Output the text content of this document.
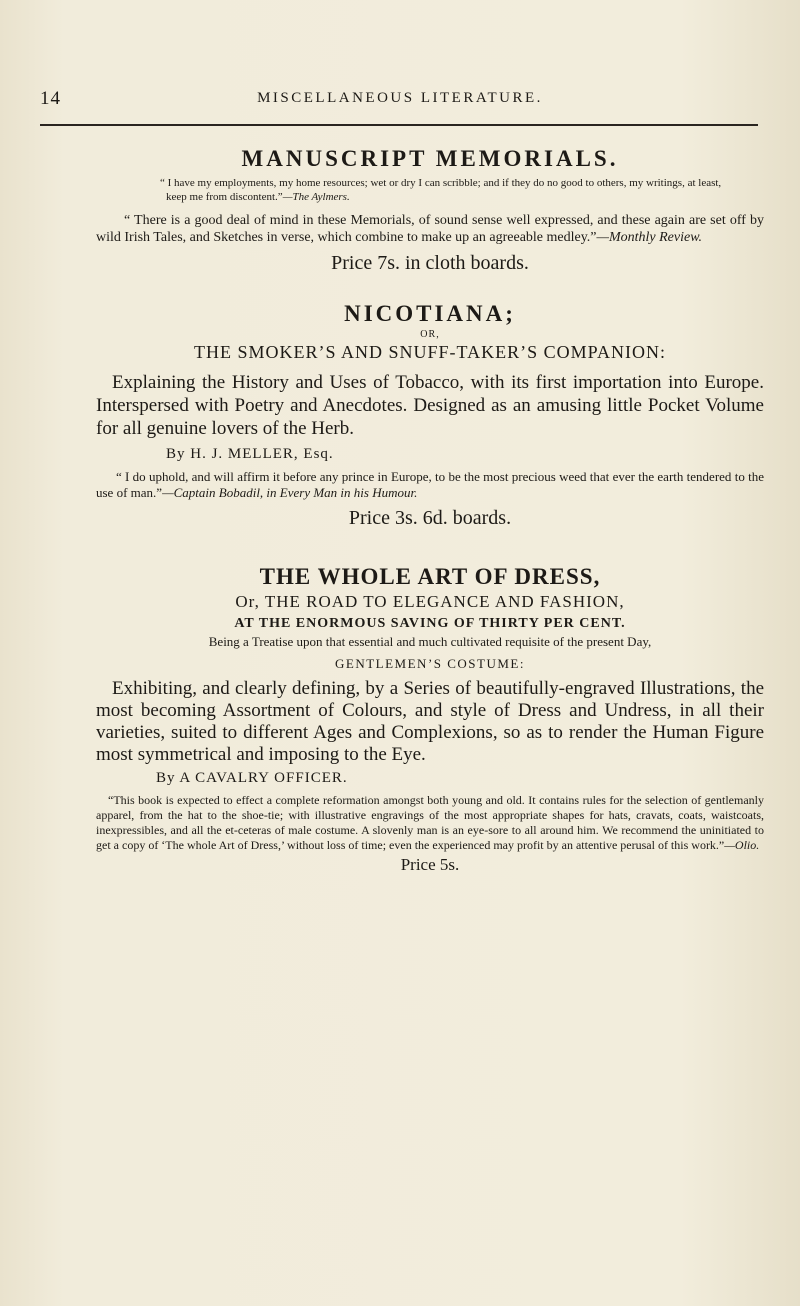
14	MISCELLANEOUS LITERATURE.
MANUSCRIPT MEMORIALS.
“ I have my employments, my home resources; wet or dry I can scribble; and if they do no good to others, my writings, at least, keep me from discontent.”—The Aylmers.
“ There is a good deal of mind in these Memorials, of sound sense well expressed, and these again are set off by wild Irish Tales, and Sketches in verse, which combine to make up an agreeable medley.”—Monthly Review.
Price 7s. in cloth boards.
NICOTIANA;
OR,
THE SMOKER’S AND SNUFF-TAKER’S COMPANION:
Explaining the History and Uses of Tobacco, with its first importation into Europe. Interspersed with Poetry and Anecdotes. Designed as an amusing little Pocket Volume for all genuine lovers of the Herb.
By H. J. MELLER, Esq.
“ I do uphold, and will affirm it before any prince in Europe, to be the most precious weed that ever the earth tendered to the use of man.”—Captain Bobadil, in Every Man in his Humour.
Price 3s. 6d. boards.
THE WHOLE ART OF DRESS,
Or, THE ROAD TO ELEGANCE AND FASHION,
AT THE ENORMOUS SAVING OF THIRTY PER CENT.
Being a Treatise upon that essential and much cultivated requisite of the present Day,
GENTLEMEN’S COSTUME:
Exhibiting, and clearly defining, by a Series of beautifully-engraved Illustrations, the most becoming Assortment of Colours, and style of Dress and Undress, in all their varieties, suited to different Ages and Complexions, so as to render the Human Figure most symmetrical and imposing to the Eye.
By A CAVALRY OFFICER.
“This book is expected to effect a complete reformation amongst both young and old. It contains rules for the selection of gentlemanly apparel, from the hat to the shoe-tie; with illustrative engravings of the most appropriate shapes for hats, cravats, coats, waistcoats, inexpressibles, and all the et-ceteras of male costume. A slovenly man is an eye-sore to all around him. We recommend the uninitiated to get a copy of ‘The whole Art of Dress,’ without loss of time; even the experienced may profit by an attentive perusal of this work.”—Olio.
Price 5s.
